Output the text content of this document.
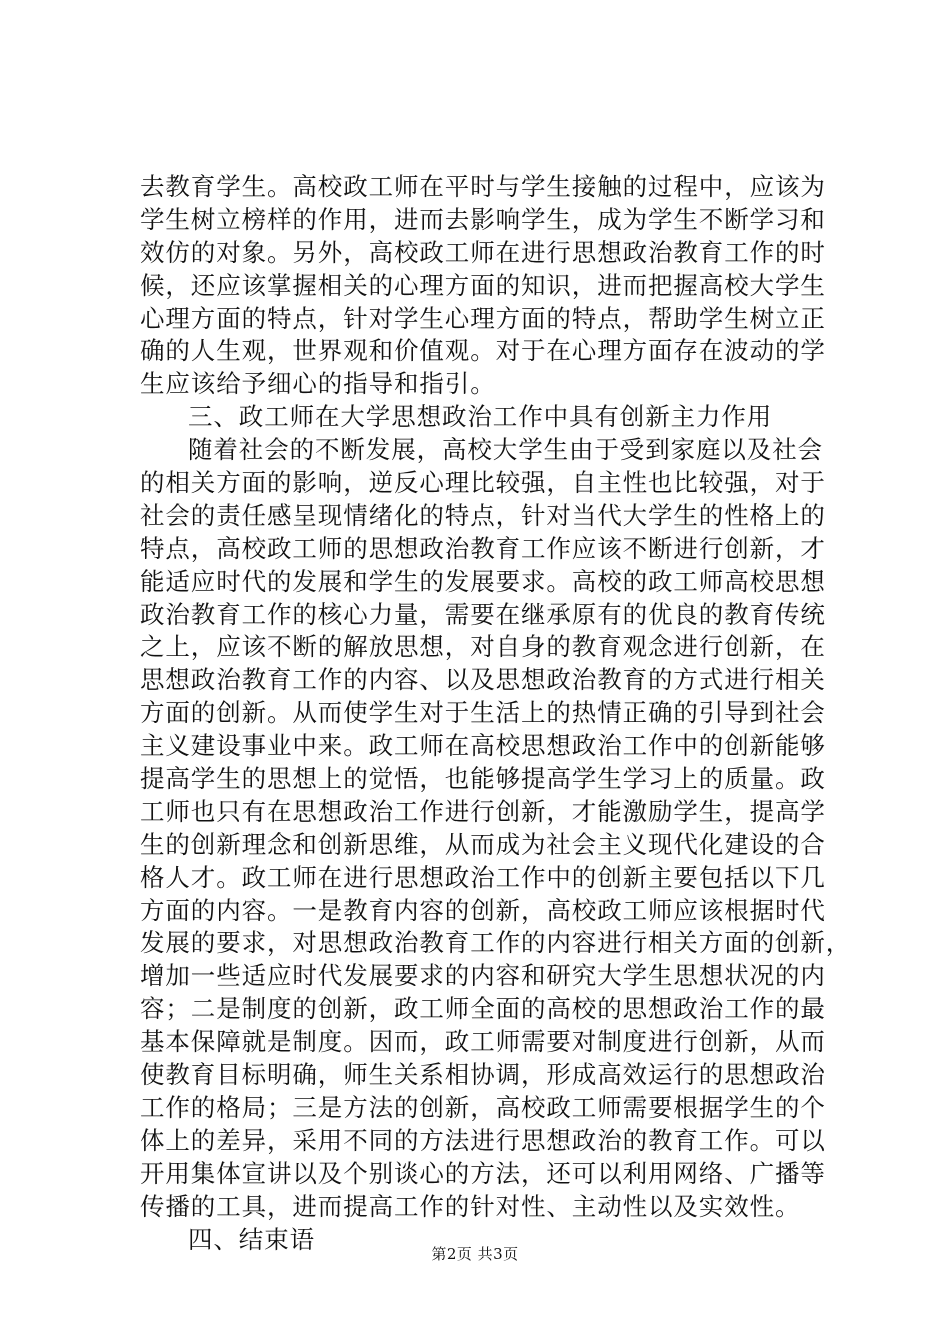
去教育学生。高校政工师在平时与学生接触的过程中，应该为
学生树立榜样的作用，进而去影响学生，成为学生不断学习和
效仿的对象。另外，高校政工师在进行思想政治教育工作的时
候，还应该掌握相关的心理方面的知识，进而把握高校大学生
心理方面的特点，针对学生心理方面的特点，帮助学生树立正
确的人生观，世界观和价值观。对于在心理方面存在波动的学
生应该给予细心的指导和指引。
三、政工师在大学思想政治工作中具有创新主力作用
随着社会的不断发展，高校大学生由于受到家庭以及社会
的相关方面的影响，逆反心理比较强，自主性也比较强，对于
社会的责任感呈现情绪化的特点，针对当代大学生的性格上的
特点，高校政工师的思想政治教育工作应该不断进行创新，才
能适应时代的发展和学生的发展要求。高校的政工师高校思想
政治教育工作的核心力量，需要在继承原有的优良的教育传统
之上，应该不断的解放思想，对自身的教育观念进行创新，在
思想政治教育工作的内容、以及思想政治教育的方式进行相关
方面的创新。从而使学生对于生活上的热情正确的引导到社会
主义建设事业中来。政工师在高校思想政治工作中的创新能够
提高学生的思想上的觉悟，也能够提高学生学习上的质量。政
工师也只有在思想政治工作进行创新，才能激励学生，提高学
生的创新理念和创新思维，从而成为社会主义现代化建设的合
格人才。政工师在进行思想政治工作中的创新主要包括以下几
方面的内容。一是教育内容的创新，高校政工师应该根据时代
发展的要求，对思想政治教育工作的内容进行相关方面的创新，
增加一些适应时代发展要求的内容和研究大学生思想状况的内
容；二是制度的创新，政工师全面的高校的思想政治工作的最
基本保障就是制度。因而，政工师需要对制度进行创新，从而
使教育目标明确，师生关系相协调，形成高效运行的思想政治
工作的格局；三是方法的创新，高校政工师需要根据学生的个
体上的差异，采用不同的方法进行思想政治的教育工作。可以
开用集体宣讲以及个别谈心的方法，还可以利用网络、广播等
传播的工具，进而提高工作的针对性、主动性以及实效性。
四、结束语
第2页 共3页
